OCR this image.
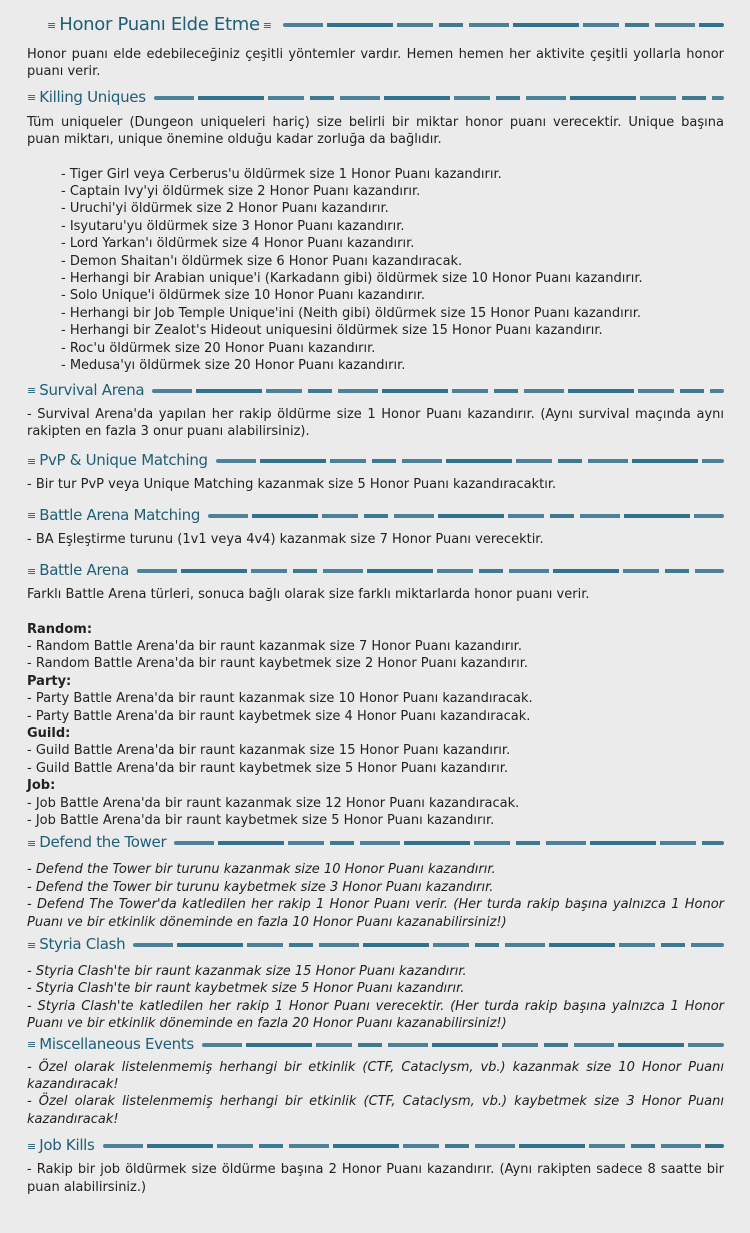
≡ Honor Puanı Elde Etme ≡

Honor puanı elde edebileceğiniz çeşitli yöntemler vardır. Hemen hemen her aktivite çeşitli yollarla honor puanı verir.

≡ Killing Uniques

Tüm uniqueler (Dungeon uniqueleri hariç) size belirli bir miktar honor puanı verecektir. Unique başına puan miktarı, unique önemine olduğu kadar zorluğa da bağlıdır.

- Tiger Girl veya Cerberus'u öldürmek size 1 Honor Puanı kazandırır.
- Captain Ivy'yi öldürmek size 2 Honor Puanı kazandırır.
- Uruchi'yi öldürmek size 2 Honor Puanı kazandırır.
- Isyutaru'yu öldürmek size 3 Honor Puanı kazandırır.
- Lord Yarkan'ı öldürmek size 4 Honor Puanı kazandırır.
- Demon Shaitan'ı öldürmek size 6 Honor Puanı kazandıracak.
- Herhangi bir Arabian unique'i (Karkadann gibi) öldürmek size 10 Honor Puanı kazandırır.
- Solo Unique'i öldürmek size 10 Honor Puanı kazandırır.
- Herhangi bir Job Temple Unique'ini (Neith gibi) öldürmek size 15 Honor Puanı kazandırır.
- Herhangi bir Zealot's Hideout uniquesini öldürmek size 15 Honor Puanı kazandırır.
- Roc'u öldürmek size 20 Honor Puanı kazandırır.
- Medusa'yı öldürmek size 20 Honor Puanı kazandırır.
≡ Survival Arena

- Survival Arena'da yapılan her rakip öldürme size 1 Honor Puanı kazandırır. (Aynı survival maçında aynı rakipten en fazla 3 onur puanı alabilirsiniz).

≡ PvP & Unique Matching

- Bir tur PvP veya Unique Matching kazanmak size 5 Honor Puanı kazandıracaktır.

≡ Battle Arena Matching

- BA Eşleştirme turunu (1v1 veya 4v4) kazanmak size 7 Honor Puanı verecektir.

≡ Battle Arena

Farklı Battle Arena türleri, sonuca bağlı olarak size farklı miktarlarda honor puanı verir.

Random:
- Random Battle Arena'da bir raunt kazanmak size 7 Honor Puanı kazandırır.
- Random Battle Arena'da bir raunt kaybetmek size 2 Honor Puanı kazandırır.
Party:
- Party Battle Arena'da bir raunt kazanmak size 10 Honor Puanı kazandıracak.
- Party Battle Arena'da bir raunt kaybetmek size 4 Honor Puanı kazandıracak.
Guild:
- Guild Battle Arena'da bir raunt kazanmak size 15 Honor Puanı kazandırır.
- Guild Battle Arena'da bir raunt kaybetmek size 5 Honor Puanı kazandırır.
Job:
- Job Battle Arena'da bir raunt kazanmak size 12 Honor Puanı kazandıracak.
- Job Battle Arena'da bir raunt kaybetmek size 5 Honor Puanı kazandırır.
≡ Defend the Tower

- Defend the Tower bir turunu kazanmak size 10 Honor Puanı kazandırır.

- Defend the Tower bir turunu kaybetmek size 3 Honor Puanı kazandırır.

- Defend The Tower'da katledilen her rakip 1 Honor Puanı verir. (Her turda rakip başına yalnızca 1 Honor Puanı ve bir etkinlik döneminde en fazla 10 Honor Puanı kazanabilirsiniz!)

≡ Styria Clash

- Styria Clash'te bir raunt kazanmak size 15 Honor Puanı kazandırır.

- Styria Clash'te bir raunt kaybetmek size 5 Honor Puanı kazandırır.

- Styria Clash'te katledilen her rakip 1 Honor Puanı verecektir. (Her turda rakip başına yalnızca 1 Honor Puanı ve bir etkinlik döneminde en fazla 20 Honor Puanı kazanabilirsiniz!)

≡ Miscellaneous Events

- Özel olarak listelenmemiş herhangi bir etkinlik (CTF, Cataclysm, vb.) kazanmak size 10 Honor Puanı kazandıracak!

- Özel olarak listelenmemiş herhangi bir etkinlik (CTF, Cataclysm, vb.) kaybetmek size 3 Honor Puanı kazandıracak!

≡ Job Kills

- Rakip bir job öldürmek size öldürme başına 2 Honor Puanı kazandırır. (Aynı rakipten sadece 8 saatte bir puan alabilirsiniz.)
